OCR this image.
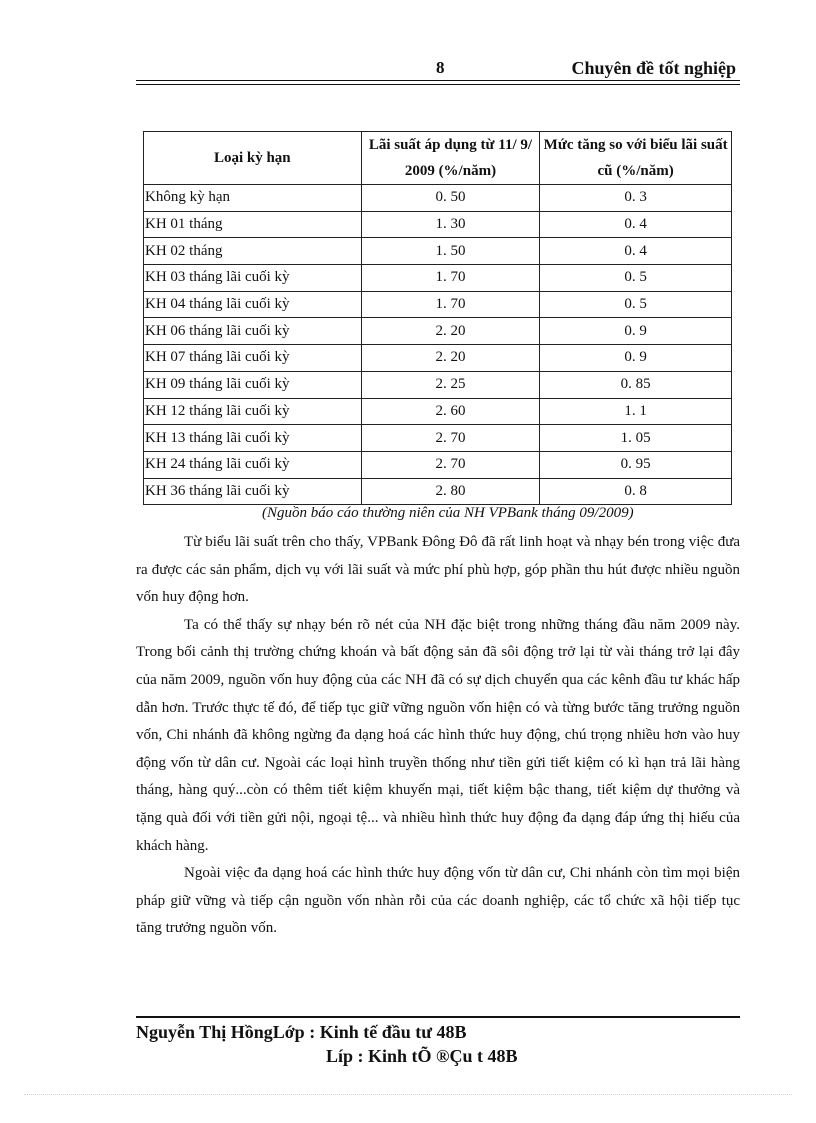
8	Chuyên đề tốt nghiệp
Loại kỳ hạn	Lãi suất áp dụng từ 11/ 9/ 2009 (%/năm)	Mức tăng so với biểu lãi suất cũ (%/năm)
Không kỳ hạn	0. 50	0. 3
KH 01 tháng	1. 30	0. 4
KH 02 tháng	1. 50	0. 4
KH 03 tháng lãi cuối kỳ	1. 70	0. 5
KH 04 tháng lãi cuối kỳ	1. 70	0. 5
KH 06 tháng lãi cuối kỳ	2. 20	0. 9
KH 07 tháng lãi cuối kỳ	2. 20	0. 9
KH 09 tháng lãi cuối kỳ	2. 25	0. 85
KH 12 tháng lãi cuối kỳ	2. 60	1. 1
KH 13 tháng lãi cuối kỳ	2. 70	1. 05
KH 24 tháng lãi cuối kỳ	2. 70	0. 95
KH 36 tháng lãi cuối kỳ	2. 80	0. 8
(Nguồn báo cáo thường niên của NH VPBank tháng 09/2009)

Từ biểu lãi suất trên cho thấy, VPBank Đông Đô đã rất linh hoạt và nhạy bén trong việc đưa ra được các sản phẩm, dịch vụ với lãi suất và mức phí phù hợp, góp phần thu hút được nhiều nguồn vốn huy động hơn.

Ta có thể thấy sự nhạy bén rõ nét của NH đặc biệt trong những tháng đầu năm 2009 này. Trong bối cảnh thị trường chứng khoán và bất động sản đã sôi động trở lại từ vài tháng trở lại đây của năm 2009, nguồn vốn huy động của các NH đã có sự dịch chuyển qua các kênh đầu tư khác hấp dẫn hơn. Trước thực tế đó, để tiếp tục giữ vững nguồn vốn hiện có và từng bước tăng trưởng nguồn vốn, Chi nhánh đã không ngừng đa dạng hoá các hình thức huy động, chú trọng nhiều hơn vào huy động vốn từ dân cư. Ngoài các loại hình truyền thống như tiền gửi tiết kiệm có kì hạn trả lãi hàng tháng, hàng quý...còn có thêm tiết kiệm khuyến mại, tiết kiệm bậc thang, tiết kiệm dự thưởng và tặng quà đối với tiền gửi nội, ngoại tệ... và nhiều hình thức huy động đa dạng đáp ứng thị hiếu của khách hàng.

Ngoài việc đa dạng hoá các hình thức huy động vốn từ dân cư, Chi nhánh còn tìm mọi biện pháp giữ vững và tiếp cận nguồn vốn nhàn rỗi của các doanh nghiệp, các tổ chức xã hội tiếp tục tăng trưởng nguồn vốn.

Nguyễn Thị HồngLớp : Kinh tế đầu tư 48B
Líp : Kinh tÕ ®Çu t 48B
